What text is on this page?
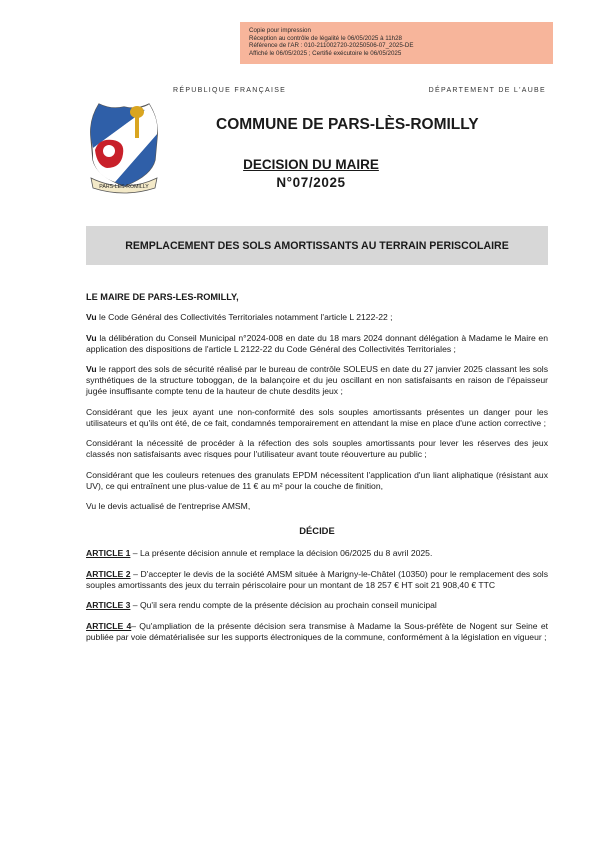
Copie pour impression
Réception au contrôle de légalité le 06/05/2025 à 11h28
Référence de l'AR : 010-211002720-20250506-07_2025-DE
Affiché le 06/05/2025 ; Certifié exécutoire le 06/05/2025
RÉPUBLIQUE FRANÇAISE	DÉPARTEMENT DE L'AUBE
PARS-LES-ROMILLY
COMMUNE DE PARS-LÈS-ROMILLY
DECISION DU MAIRE
N°07/2025
REMPLACEMENT DES SOLS AMORTISSANTS AU TERRAIN PERISCOLAIRE
LE MAIRE DE PARS-LES-ROMILLY,
Vu le Code Général des Collectivités Territoriales notamment l'article L 2122-22 ;
Vu la délibération du Conseil Municipal n°2024-008 en date du 18 mars 2024 donnant délégation à Madame le Maire en application des dispositions de l'article L 2122-22 du Code Général des Collectivités Territoriales ;
Vu le rapport des sols de sécurité réalisé par le bureau de contrôle SOLEUS en date du 27 janvier 2025 classant les sols synthétiques de la structure toboggan, de la balançoire et du jeu oscillant en non satisfaisants en raison de l'épaisseur jugée insuffisante compte tenu de la hauteur de chute desdits jeux ;
Considérant que les jeux ayant une non-conformité des sols souples amortissants présentes un danger pour les utilisateurs et qu'ils ont été, de ce fait, condamnés temporairement en attendant la mise en place d'une action corrective ;
Considérant la nécessité de procéder à la réfection des sols souples amortissants pour lever les réserves des jeux classés non satisfaisants avec risques pour l'utilisateur avant toute réouverture au public ;
Considérant que les couleurs retenues des granulats EPDM nécessitent l'application d'un liant aliphatique (résistant aux UV), ce qui entraînent une plus-value de 11 € au m² pour la couche de finition,
Vu le devis actualisé de l'entreprise AMSM,
DÉCIDE
ARTICLE 1 – La présente décision annule et remplace la décision 06/2025 du 8 avril 2025.
ARTICLE 2 – D'accepter le devis de la société AMSM située à Marigny-le-Châtel (10350) pour le remplacement des sols souples amortissants des jeux du terrain périscolaire pour un montant de 18 257 € HT soit 21 908,40 € TTC
ARTICLE 3 – Qu'il sera rendu compte de la présente décision au prochain conseil municipal
ARTICLE 4– Qu'ampliation de la présente décision sera transmise à Madame la Sous-préfète de Nogent sur Seine et publiée par voie dématérialisée sur les supports électroniques de la commune, conformément à la législation en vigueur ;
